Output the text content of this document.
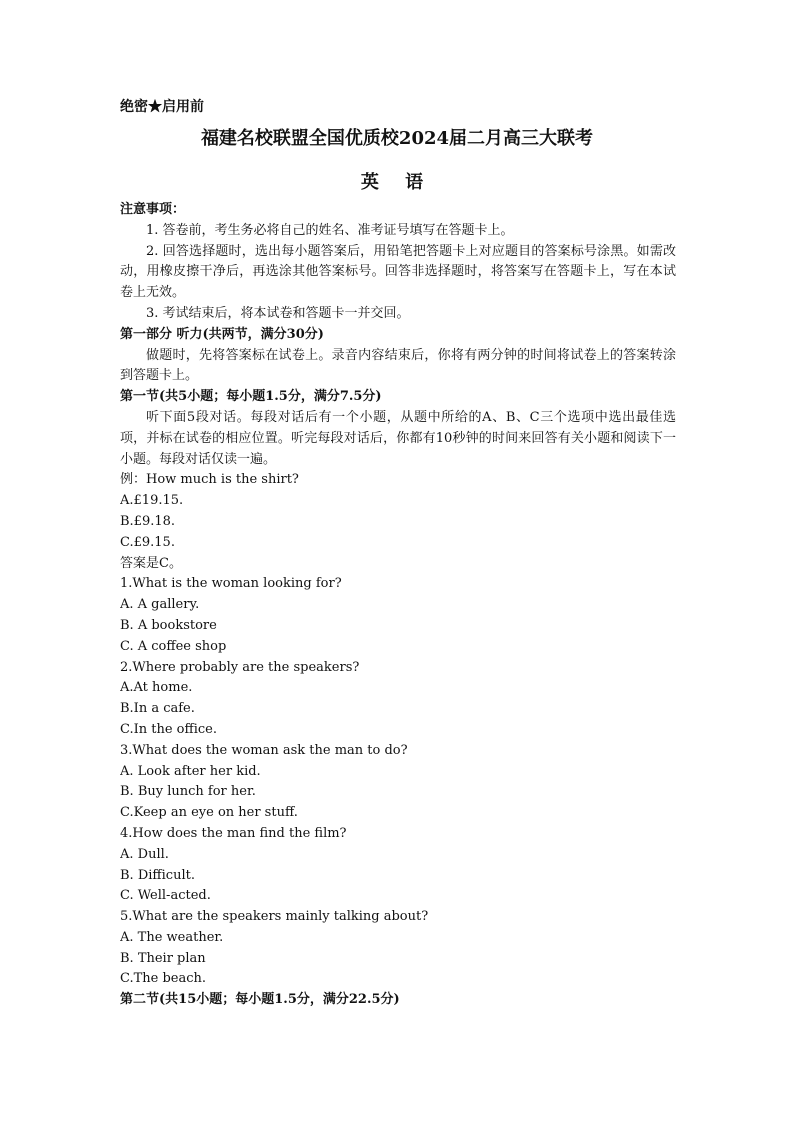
绝密★启用前
福建名校联盟全国优质校2024届二月高三大联考
英 语
注意事项：
1. 答卷前，考生务必将自己的姓名、准考证号填写在答题卡上。
2. 回答选择题时，选出每小题答案后，用铅笔把答题卡上对应题目的答案标号涂黑。如需改动，用橡皮擦干净后，再选涂其他答案标号。回答非选择题时，将答案写在答题卡上，写在本试卷上无效。
3. 考试结束后，将本试卷和答题卡一并交回。
第一部分 听力(共两节，满分30分)
做题时，先将答案标在试卷上。录音内容结束后，你将有两分钟的时间将试卷上的答案转涂到答题卡上。
第一节(共5小题；每小题1.5分，满分7.5分)
听下面5段对话。每段对话后有一个小题，从题中所给的A、B、C三个选项中选出最佳选项，并标在试卷的相应位置。听完每段对话后，你都有10秒钟的时间来回答有关小题和阅读下一小题。每段对话仅读一遍。
例：How much is the shirt?
A.£19.15.
B.£9.18.
C.£9.15.
答案是C。
1.What is the woman looking for?
A. A gallery.
B. A bookstore
C. A coffee shop
2.Where probably are the speakers?
A.At home.
B.In a cafe.
C.In the office.
3.What does the woman ask the man to do?
A. Look after her kid.
B. Buy lunch for her.
C.Keep an eye on her stuff.
4.How does the man find the film?
A. Dull.
B. Difficult.
C. Well-acted.
5.What are the speakers mainly talking about?
A. The weather.
B. Their plan
C.The beach.
第二节(共15小题；每小题1.5分，满分22.5分)
